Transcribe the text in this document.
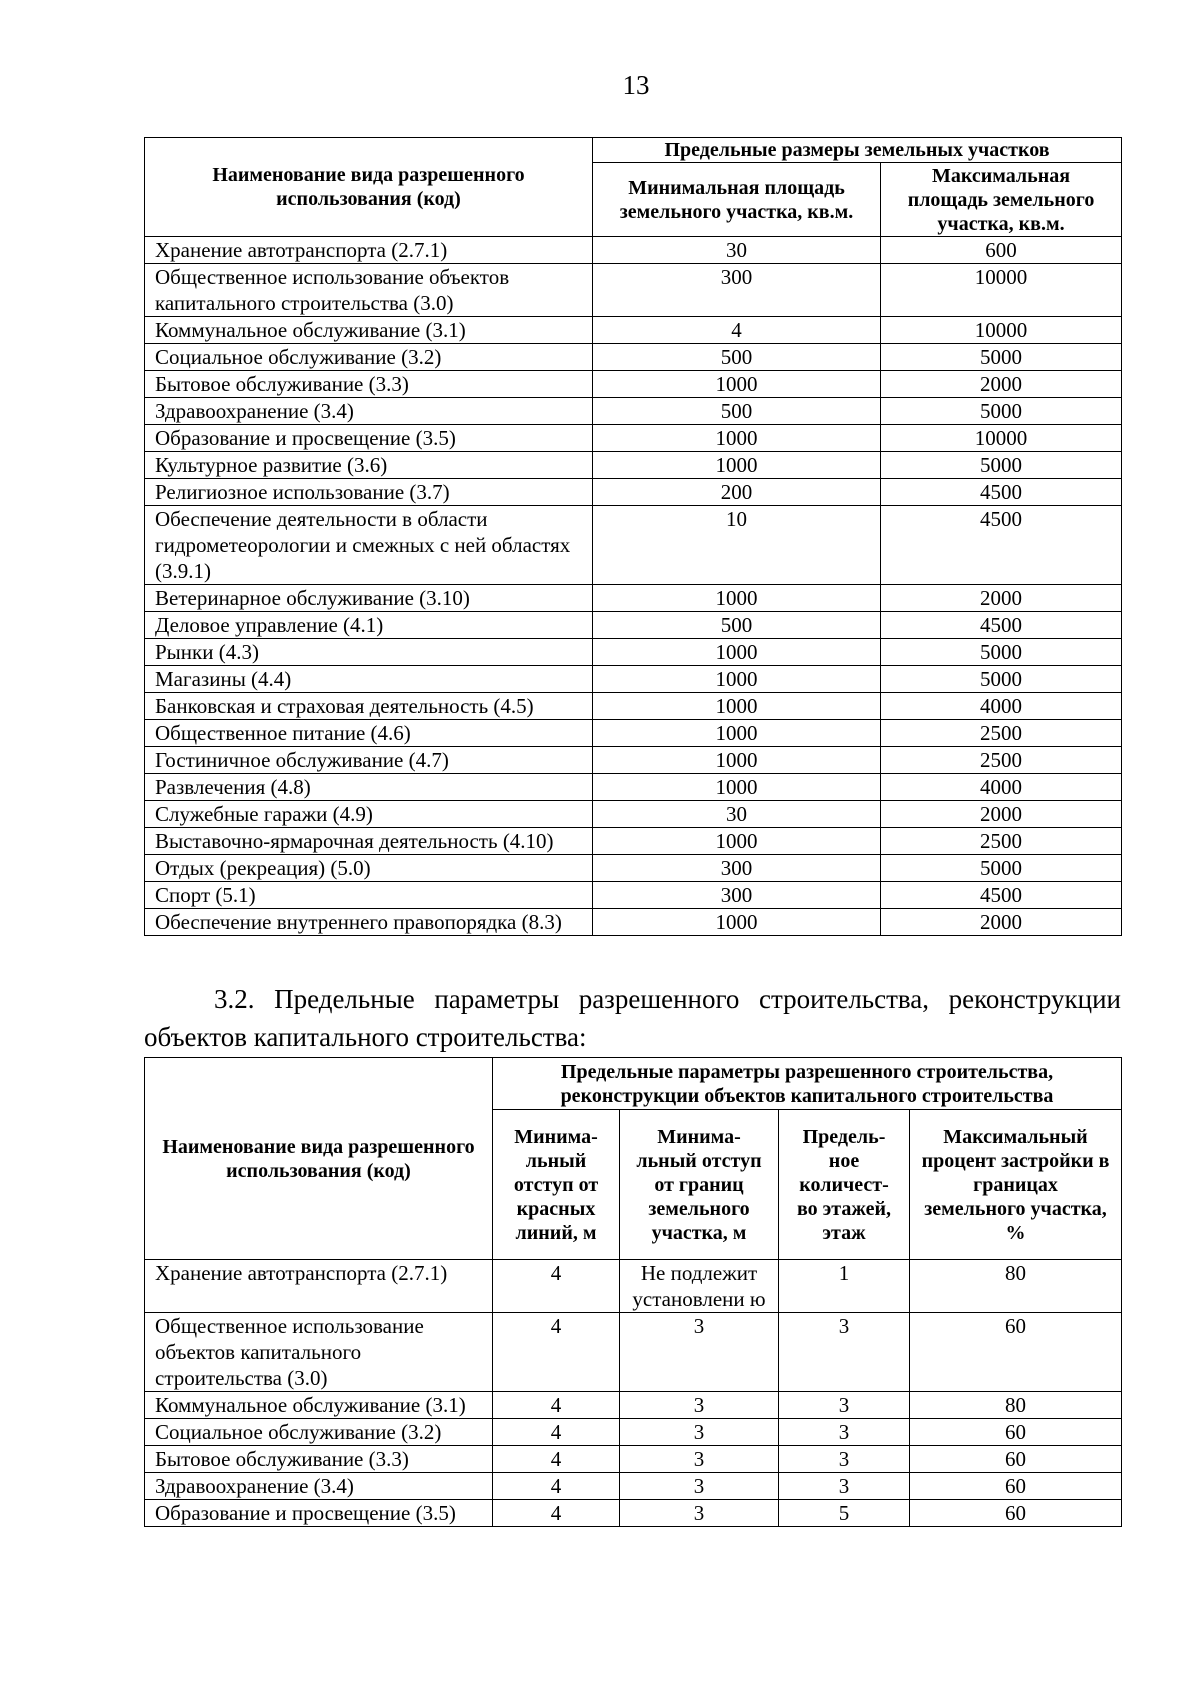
13
Наименование вида разрешенного использования (код)	Предельные размеры земельных участков	
	Минимальная площадь земельного участка, кв.м.	Максимальная площадь земельного участка, кв.м.
Хранение автотранспорта (2.7.1)	30	600
Общественное использование объектов капитального строительства (3.0)	300	10000
Коммунальное обслуживание (3.1)	4	10000
Социальное обслуживание (3.2)	500	5000
Бытовое обслуживание (3.3)	1000	2000
Здравоохранение (3.4)	500	5000
Образование и просвещение (3.5)	1000	10000
Культурное развитие (3.6)	1000	5000
Религиозное использование (3.7)	200	4500
Обеспечение деятельности в области гидрометеорологии и смежных с ней областях (3.9.1)	10	4500
Ветеринарное обслуживание (3.10)	1000	2000
Деловое управление (4.1)	500	4500
Рынки (4.3)	1000	5000
Магазины (4.4)	1000	5000
Банковская и страховая деятельность (4.5)	1000	4000
Общественное питание (4.6)	1000	2500
Гостиничное обслуживание (4.7)	1000	2500
Развлечения (4.8)	1000	4000
Служебные гаражи (4.9)	30	2000
Выставочно-ярмарочная деятельность (4.10)	1000	2500
Отдых (рекреация) (5.0)	300	5000
Спорт (5.1)	300	4500
Обеспечение внутреннего правопорядка (8.3)	1000	2000
3.2. Предельные параметры разрешенного строительства, реконструкции объектов капитального строительства:
Наименование вида разрешенного использования (код)	Предельные параметры разрешенного строительства, реконструкции объектов капитального строительства			
	Минима-льный отступ от красных линий, м	Минима-льный отступ от границ земельного участка, м	Предель-ное количест-во этажей, этаж	Максимальный процент застройки в границах земельного участка, %
Хранение автотранспорта (2.7.1)	4	Не подлежит установлени ю	1	80
Общественное использование объектов капитального строительства (3.0)	4	3	3	60
Коммунальное обслуживание (3.1)	4	3	3	80
Социальное обслуживание (3.2)	4	3	3	60
Бытовое обслуживание (3.3)	4	3	3	60
Здравоохранение (3.4)	4	3	3	60
Образование и просвещение (3.5)	4	3	5	60
